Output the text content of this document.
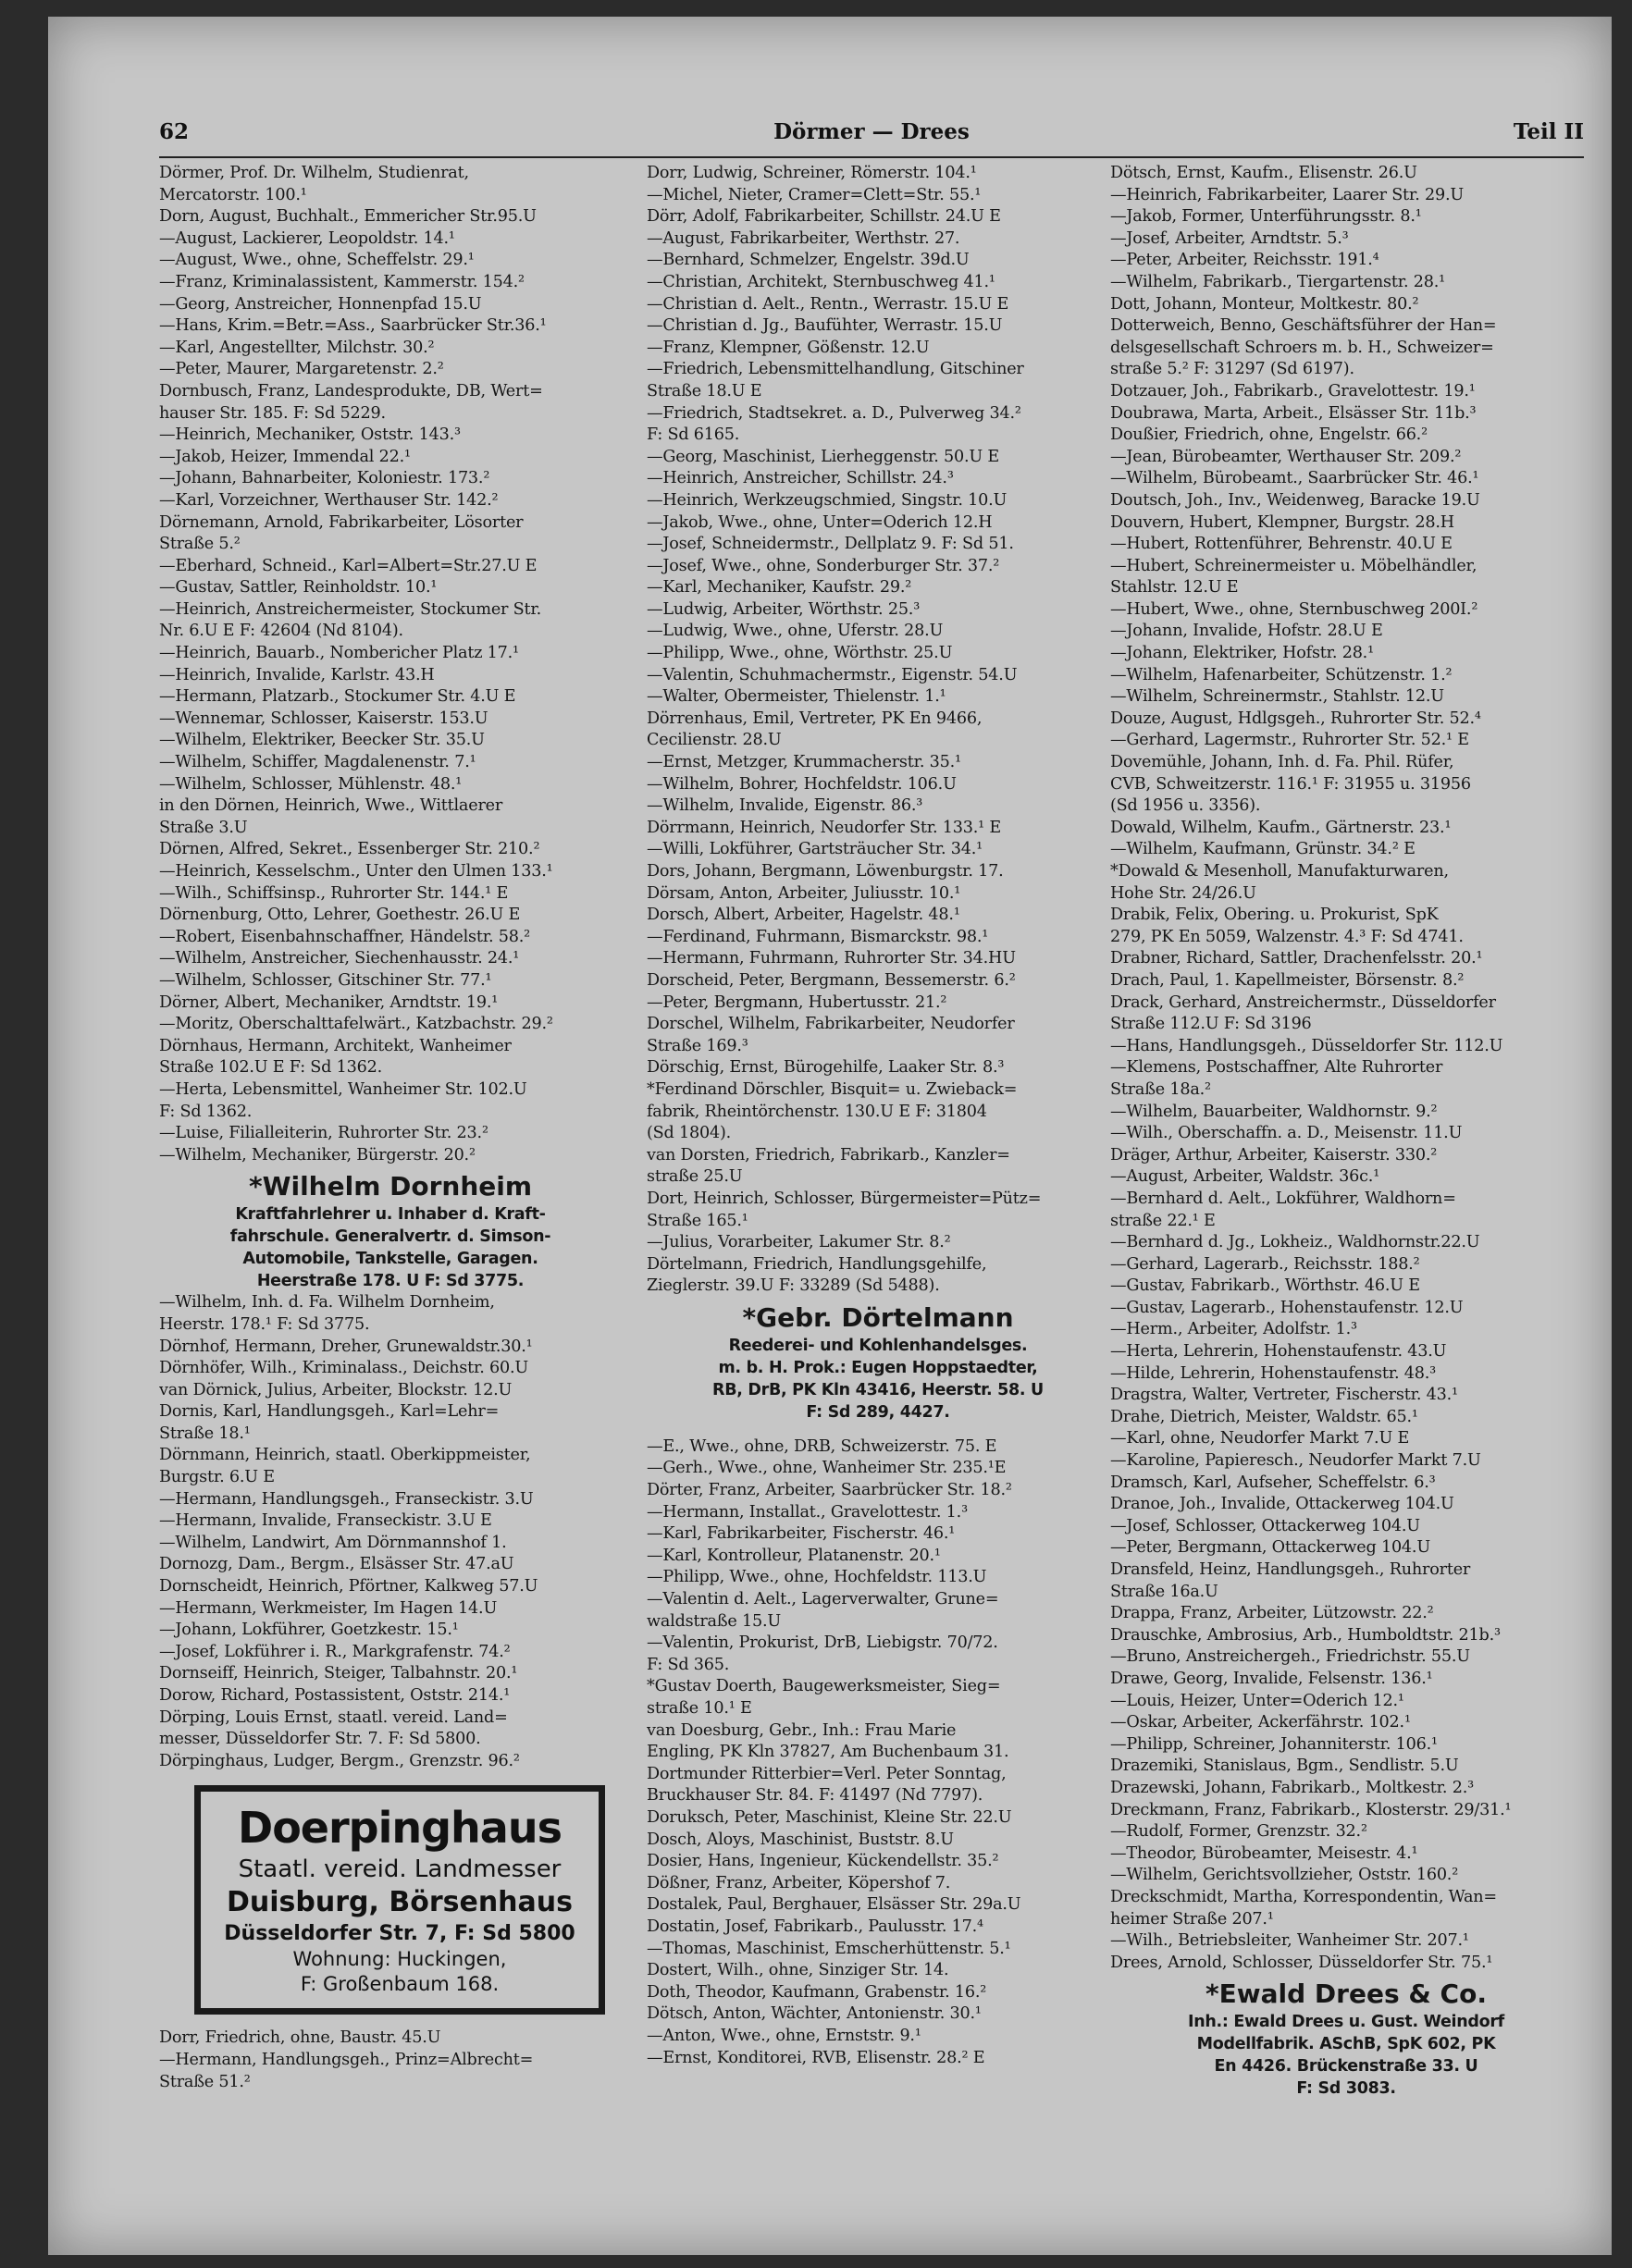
62	Dörmer — Drees	Teil II
Dörmer, Prof. Dr. Wilhelm, Studienrat,
Mercatorstr. 100.¹
Dorn, August, Buchhalt., Emmericher Str.95.U
—August, Lackierer, Leopoldstr. 14.¹
—August, Wwe., ohne, Scheffelstr. 29.¹
—Franz, Kriminalassistent, Kammerstr. 154.²
—Georg, Anstreicher, Honnenpfad 15.U
—Hans, Krim.=Betr.=Ass., Saarbrücker Str.36.¹
—Karl, Angestellter, Milchstr. 30.²
—Peter, Maurer, Margaretenstr. 2.²
Dornbusch, Franz, Landesprodukte, DB, Wert=
hauser Str. 185. F: Sd 5229.
—Heinrich, Mechaniker, Oststr. 143.³
—Jakob, Heizer, Immendal 22.¹
—Johann, Bahnarbeiter, Koloniestr. 173.²
—Karl, Vorzeichner, Werthauser Str. 142.²
Dörnemann, Arnold, Fabrikarbeiter, Lösorter
Straße 5.²
—Eberhard, Schneid., Karl=Albert=Str.27.U E
—Gustav, Sattler, Reinholdstr. 10.¹
—Heinrich, Anstreichermeister, Stockumer Str.
Nr. 6.U E F: 42604 (Nd 8104).
—Heinrich, Bauarb., Nombericher Platz 17.¹
—Heinrich, Invalide, Karlstr. 43.H
—Hermann, Platzarb., Stockumer Str. 4.U E
—Wennemar, Schlosser, Kaiserstr. 153.U
—Wilhelm, Elektriker, Beecker Str. 35.U
—Wilhelm, Schiffer, Magdalenenstr. 7.¹
—Wilhelm, Schlosser, Mühlenstr. 48.¹
in den Dörnen, Heinrich, Wwe., Wittlaerer
Straße 3.U
Dörnen, Alfred, Sekret., Essenberger Str. 210.²
—Heinrich, Kesselschm., Unter den Ulmen 133.¹
—Wilh., Schiffsinsp., Ruhrorter Str. 144.¹ E
Dörnenburg, Otto, Lehrer, Goethestr. 26.U E
—Robert, Eisenbahnschaffner, Händelstr. 58.²
—Wilhelm, Anstreicher, Siechenhausstr. 24.¹
—Wilhelm, Schlosser, Gitschiner Str. 77.¹
Dörner, Albert, Mechaniker, Arndtstr. 19.¹
—Moritz, Oberschalttafelwärt., Katzbachstr. 29.²
Dörnhaus, Hermann, Architekt, Wanheimer
Straße 102.U E F: Sd 1362.
—Herta, Lebensmittel, Wanheimer Str. 102.U
F: Sd 1362.
—Luise, Filialleiterin, Ruhrorter Str. 23.²
—Wilhelm, Mechaniker, Bürgerstr. 20.²
*Wilhelm Dornheim
Kraftfahrlehrer u. Inhaber d. Kraft-
fahrschule. Generalvertr. d. Simson-
Automobile, Tankstelle, Garagen.
Heerstraße 178. U F: Sd 3775.
—Wilhelm, Inh. d. Fa. Wilhelm Dornheim,
Heerstr. 178.¹ F: Sd 3775.
Dörnhof, Hermann, Dreher, Grunewaldstr.30.¹
Dörnhöfer, Wilh., Kriminalass., Deichstr. 60.U
van Dörnick, Julius, Arbeiter, Blockstr. 12.U
Dornis, Karl, Handlungsgeh., Karl=Lehr=
Straße 18.¹
Dörnmann, Heinrich, staatl. Oberkippmeister,
Burgstr. 6.U E
—Hermann, Handlungsgeh., Franseckistr. 3.U
—Hermann, Invalide, Franseckistr. 3.U E
—Wilhelm, Landwirt, Am Dörnmannshof 1.
Dornozg, Dam., Bergm., Elsässer Str. 47.aU
Dornscheidt, Heinrich, Pförtner, Kalkweg 57.U
—Hermann, Werkmeister, Im Hagen 14.U
—Johann, Lokführer, Goetzkestr. 15.¹
—Josef, Lokführer i. R., Markgrafenstr. 74.²
Dornseiff, Heinrich, Steiger, Talbahnstr. 20.¹
Dorow, Richard, Postassistent, Oststr. 214.¹
Dörping, Louis Ernst, staatl. vereid. Land=
messer, Düsseldorfer Str. 7. F: Sd 5800.
Dörpinghaus, Ludger, Bergm., Grenzstr. 96.²
Doerpinghaus
Staatl. vereid. Landmesser
Duisburg, Börsenhaus
Düsseldorfer Str. 7, F: Sd 5800
Wohnung: Huckingen,
F: Großenbaum 168.
Dorr, Friedrich, ohne, Baustr. 45.U
—Hermann, Handlungsgeh., Prinz=Albrecht=
Straße 51.²
Dorr, Ludwig, Schreiner, Römerstr. 104.¹
—Michel, Nieter, Cramer=Clett=Str. 55.¹
Dörr, Adolf, Fabrikarbeiter, Schillstr. 24.U E
—August, Fabrikarbeiter, Werthstr. 27.
—Bernhard, Schmelzer, Engelstr. 39d.U
—Christian, Architekt, Sternbuschweg 41.¹
—Christian d. Aelt., Rentn., Werrastr. 15.U E
—Christian d. Jg., Baufühter, Werrastr. 15.U
—Franz, Klempner, Gößenstr. 12.U
—Friedrich, Lebensmittelhandlung, Gitschiner
Straße 18.U E
—Friedrich, Stadtsekret. a. D., Pulverweg 34.²
F: Sd 6165.
—Georg, Maschinist, Lierheggenstr. 50.U E
—Heinrich, Anstreicher, Schillstr. 24.³
—Heinrich, Werkzeugschmied, Singstr. 10.U
—Jakob, Wwe., ohne, Unter=Oderich 12.H
—Josef, Schneidermstr., Dellplatz 9. F: Sd 51.
—Josef, Wwe., ohne, Sonderburger Str. 37.²
—Karl, Mechaniker, Kaufstr. 29.²
—Ludwig, Arbeiter, Wörthstr. 25.³
—Ludwig, Wwe., ohne, Uferstr. 28.U
—Philipp, Wwe., ohne, Wörthstr. 25.U
—Valentin, Schuhmachermstr., Eigenstr. 54.U
—Walter, Obermeister, Thielenstr. 1.¹
Dörrenhaus, Emil, Vertreter, PK En 9466,
Cecilienstr. 28.U
—Ernst, Metzger, Krummacherstr. 35.¹
—Wilhelm, Bohrer, Hochfeldstr. 106.U
—Wilhelm, Invalide, Eigenstr. 86.³
Dörrmann, Heinrich, Neudorfer Str. 133.¹ E
—Willi, Lokführer, Gartsträucher Str. 34.¹
Dors, Johann, Bergmann, Löwenburgstr. 17.
Dörsam, Anton, Arbeiter, Juliusstr. 10.¹
Dorsch, Albert, Arbeiter, Hagelstr. 48.¹
—Ferdinand, Fuhrmann, Bismarckstr. 98.¹
—Hermann, Fuhrmann, Ruhrorter Str. 34.HU
Dorscheid, Peter, Bergmann, Bessemerstr. 6.²
—Peter, Bergmann, Hubertusstr. 21.²
Dorschel, Wilhelm, Fabrikarbeiter, Neudorfer
Straße 169.³
Dörschig, Ernst, Bürogehilfe, Laaker Str. 8.³
*Ferdinand Dörschler, Bisquit= u. Zwieback=
fabrik, Rheintörchenstr. 130.U E F: 31804
(Sd 1804).
van Dorsten, Friedrich, Fabrikarb., Kanzler=
straße 25.U
Dort, Heinrich, Schlosser, Bürgermeister=Pütz=
Straße 165.¹
—Julius, Vorarbeiter, Lakumer Str. 8.²
Dörtelmann, Friedrich, Handlungsgehilfe,
Zieglerstr. 39.U F: 33289 (Sd 5488).
*Gebr. Dörtelmann
Reederei- und Kohlenhandelsges.
m. b. H. Prok.: Eugen Hoppstaedter,
RB, DrB, PK Kln 43416, Heerstr. 58. U
F: Sd 289, 4427.
—E., Wwe., ohne, DRB, Schweizerstr. 75. E
—Gerh., Wwe., ohne, Wanheimer Str. 235.¹E
Dörter, Franz, Arbeiter, Saarbrücker Str. 18.²
—Hermann, Installat., Gravelottestr. 1.³
—Karl, Fabrikarbeiter, Fischerstr. 46.¹
—Karl, Kontrolleur, Platanenstr. 20.¹
—Philipp, Wwe., ohne, Hochfeldstr. 113.U
—Valentin d. Aelt., Lagerverwalter, Grune=
waldstraße 15.U
—Valentin, Prokurist, DrB, Liebigstr. 70/72.
F: Sd 365.
*Gustav Doerth, Baugewerksmeister, Sieg=
straße 10.¹ E
van Doesburg, Gebr., Inh.: Frau Marie
Engling, PK Kln 37827, Am Buchenbaum 31.
Dortmunder Ritterbier=Verl. Peter Sonntag,
Bruckhauser Str. 84. F: 41497 (Nd 7797).
Doruksch, Peter, Maschinist, Kleine Str. 22.U
Dosch, Aloys, Maschinist, Buststr. 8.U
Dosier, Hans, Ingenieur, Kückendellstr. 35.²
Dößner, Franz, Arbeiter, Köpershof 7.
Dostalek, Paul, Berghauer, Elsässer Str. 29a.U
Dostatin, Josef, Fabrikarb., Paulusstr. 17.⁴
—Thomas, Maschinist, Emscherhüttenstr. 5.¹
Dostert, Wilh., ohne, Sinziger Str. 14.
Doth, Theodor, Kaufmann, Grabenstr. 16.²
Dötsch, Anton, Wächter, Antonienstr. 30.¹
—Anton, Wwe., ohne, Ernststr. 9.¹
—Ernst, Konditorei, RVB, Elisenstr. 28.² E
Dötsch, Ernst, Kaufm., Elisenstr. 26.U
—Heinrich, Fabrikarbeiter, Laarer Str. 29.U
—Jakob, Former, Unterführungsstr. 8.¹
—Josef, Arbeiter, Arndtstr. 5.³
—Peter, Arbeiter, Reichsstr. 191.⁴
—Wilhelm, Fabrikarb., Tiergartenstr. 28.¹
Dott, Johann, Monteur, Moltkestr. 80.²
Dotterweich, Benno, Geschäftsführer der Han=
delsgesellschaft Schroers m. b. H., Schweizer=
straße 5.² F: 31297 (Sd 6197).
Dotzauer, Joh., Fabrikarb., Gravelottestr. 19.¹
Doubrawa, Marta, Arbeit., Elsässer Str. 11b.³
Doußier, Friedrich, ohne, Engelstr. 66.²
—Jean, Bürobeamter, Werthauser Str. 209.²
—Wilhelm, Bürobeamt., Saarbrücker Str. 46.¹
Doutsch, Joh., Inv., Weidenweg, Baracke 19.U
Douvern, Hubert, Klempner, Burgstr. 28.H
—Hubert, Rottenführer, Behrenstr. 40.U E
—Hubert, Schreinermeister u. Möbelhändler,
Stahlstr. 12.U E
—Hubert, Wwe., ohne, Sternbuschweg 200I.²
—Johann, Invalide, Hofstr. 28.U E
—Johann, Elektriker, Hofstr. 28.¹
—Wilhelm, Hafenarbeiter, Schützenstr. 1.²
—Wilhelm, Schreinermstr., Stahlstr. 12.U
Douze, August, Hdlgsgeh., Ruhrorter Str. 52.⁴
—Gerhard, Lagermstr., Ruhrorter Str. 52.¹ E
Dovemühle, Johann, Inh. d. Fa. Phil. Rüfer,
CVB, Schweitzerstr. 116.¹ F: 31955 u. 31956
(Sd 1956 u. 3356).
Dowald, Wilhelm, Kaufm., Gärtnerstr. 23.¹
—Wilhelm, Kaufmann, Grünstr. 34.² E
*Dowald & Mesenholl, Manufakturwaren,
Hohe Str. 24/26.U
Drabik, Felix, Obering. u. Prokurist, SpK
279, PK En 5059, Walzenstr. 4.³ F: Sd 4741.
Drabner, Richard, Sattler, Drachenfelsstr. 20.¹
Drach, Paul, 1. Kapellmeister, Börsenstr. 8.²
Drack, Gerhard, Anstreichermstr., Düsseldorfer
Straße 112.U F: Sd 3196
—Hans, Handlungsgeh., Düsseldorfer Str. 112.U
—Klemens, Postschaffner, Alte Ruhrorter
Straße 18a.²
—Wilhelm, Bauarbeiter, Waldhornstr. 9.²
—Wilh., Oberschaffn. a. D., Meisenstr. 11.U
Dräger, Arthur, Arbeiter, Kaiserstr. 330.²
—August, Arbeiter, Waldstr. 36c.¹
—Bernhard d. Aelt., Lokführer, Waldhorn=
straße 22.¹ E
—Bernhard d. Jg., Lokheiz., Waldhornstr.22.U
—Gerhard, Lagerarb., Reichsstr. 188.²
—Gustav, Fabrikarb., Wörthstr. 46.U E
—Gustav, Lagerarb., Hohenstaufenstr. 12.U
—Herm., Arbeiter, Adolfstr. 1.³
—Herta, Lehrerin, Hohenstaufenstr. 43.U
—Hilde, Lehrerin, Hohenstaufenstr. 48.³
Dragstra, Walter, Vertreter, Fischerstr. 43.¹
Drahe, Dietrich, Meister, Waldstr. 65.¹
—Karl, ohne, Neudorfer Markt 7.U E
—Karoline, Papieresch., Neudorfer Markt 7.U
Dramsch, Karl, Aufseher, Scheffelstr. 6.³
Dranoe, Joh., Invalide, Ottackerweg 104.U
—Josef, Schlosser, Ottackerweg 104.U
—Peter, Bergmann, Ottackerweg 104.U
Dransfeld, Heinz, Handlungsgeh., Ruhrorter
Straße 16a.U
Drappa, Franz, Arbeiter, Lützowstr. 22.²
Drauschke, Ambrosius, Arb., Humboldtstr. 21b.³
—Bruno, Anstreichergeh., Friedrichstr. 55.U
Drawe, Georg, Invalide, Felsenstr. 136.¹
—Louis, Heizer, Unter=Oderich 12.¹
—Oskar, Arbeiter, Ackerfährstr. 102.¹
—Philipp, Schreiner, Johanniterstr. 106.¹
Drazemiki, Stanislaus, Bgm., Sendlistr. 5.U
Drazewski, Johann, Fabrikarb., Moltkestr. 2.³
Dreckmann, Franz, Fabrikarb., Klosterstr. 29/31.¹
—Rudolf, Former, Grenzstr. 32.²
—Theodor, Bürobeamter, Meisestr. 4.¹
—Wilhelm, Gerichtsvollzieher, Oststr. 160.²
Dreckschmidt, Martha, Korrespondentin, Wan=
heimer Straße 207.¹
—Wilh., Betriebsleiter, Wanheimer Str. 207.¹
Drees, Arnold, Schlosser, Düsseldorfer Str. 75.¹
*Ewald Drees & Co.
Inh.: Ewald Drees u. Gust. Weindorf
Modellfabrik. ASchB, SpK 602, PK
En 4426. Brückenstraße 33. U
F: Sd 3083.
